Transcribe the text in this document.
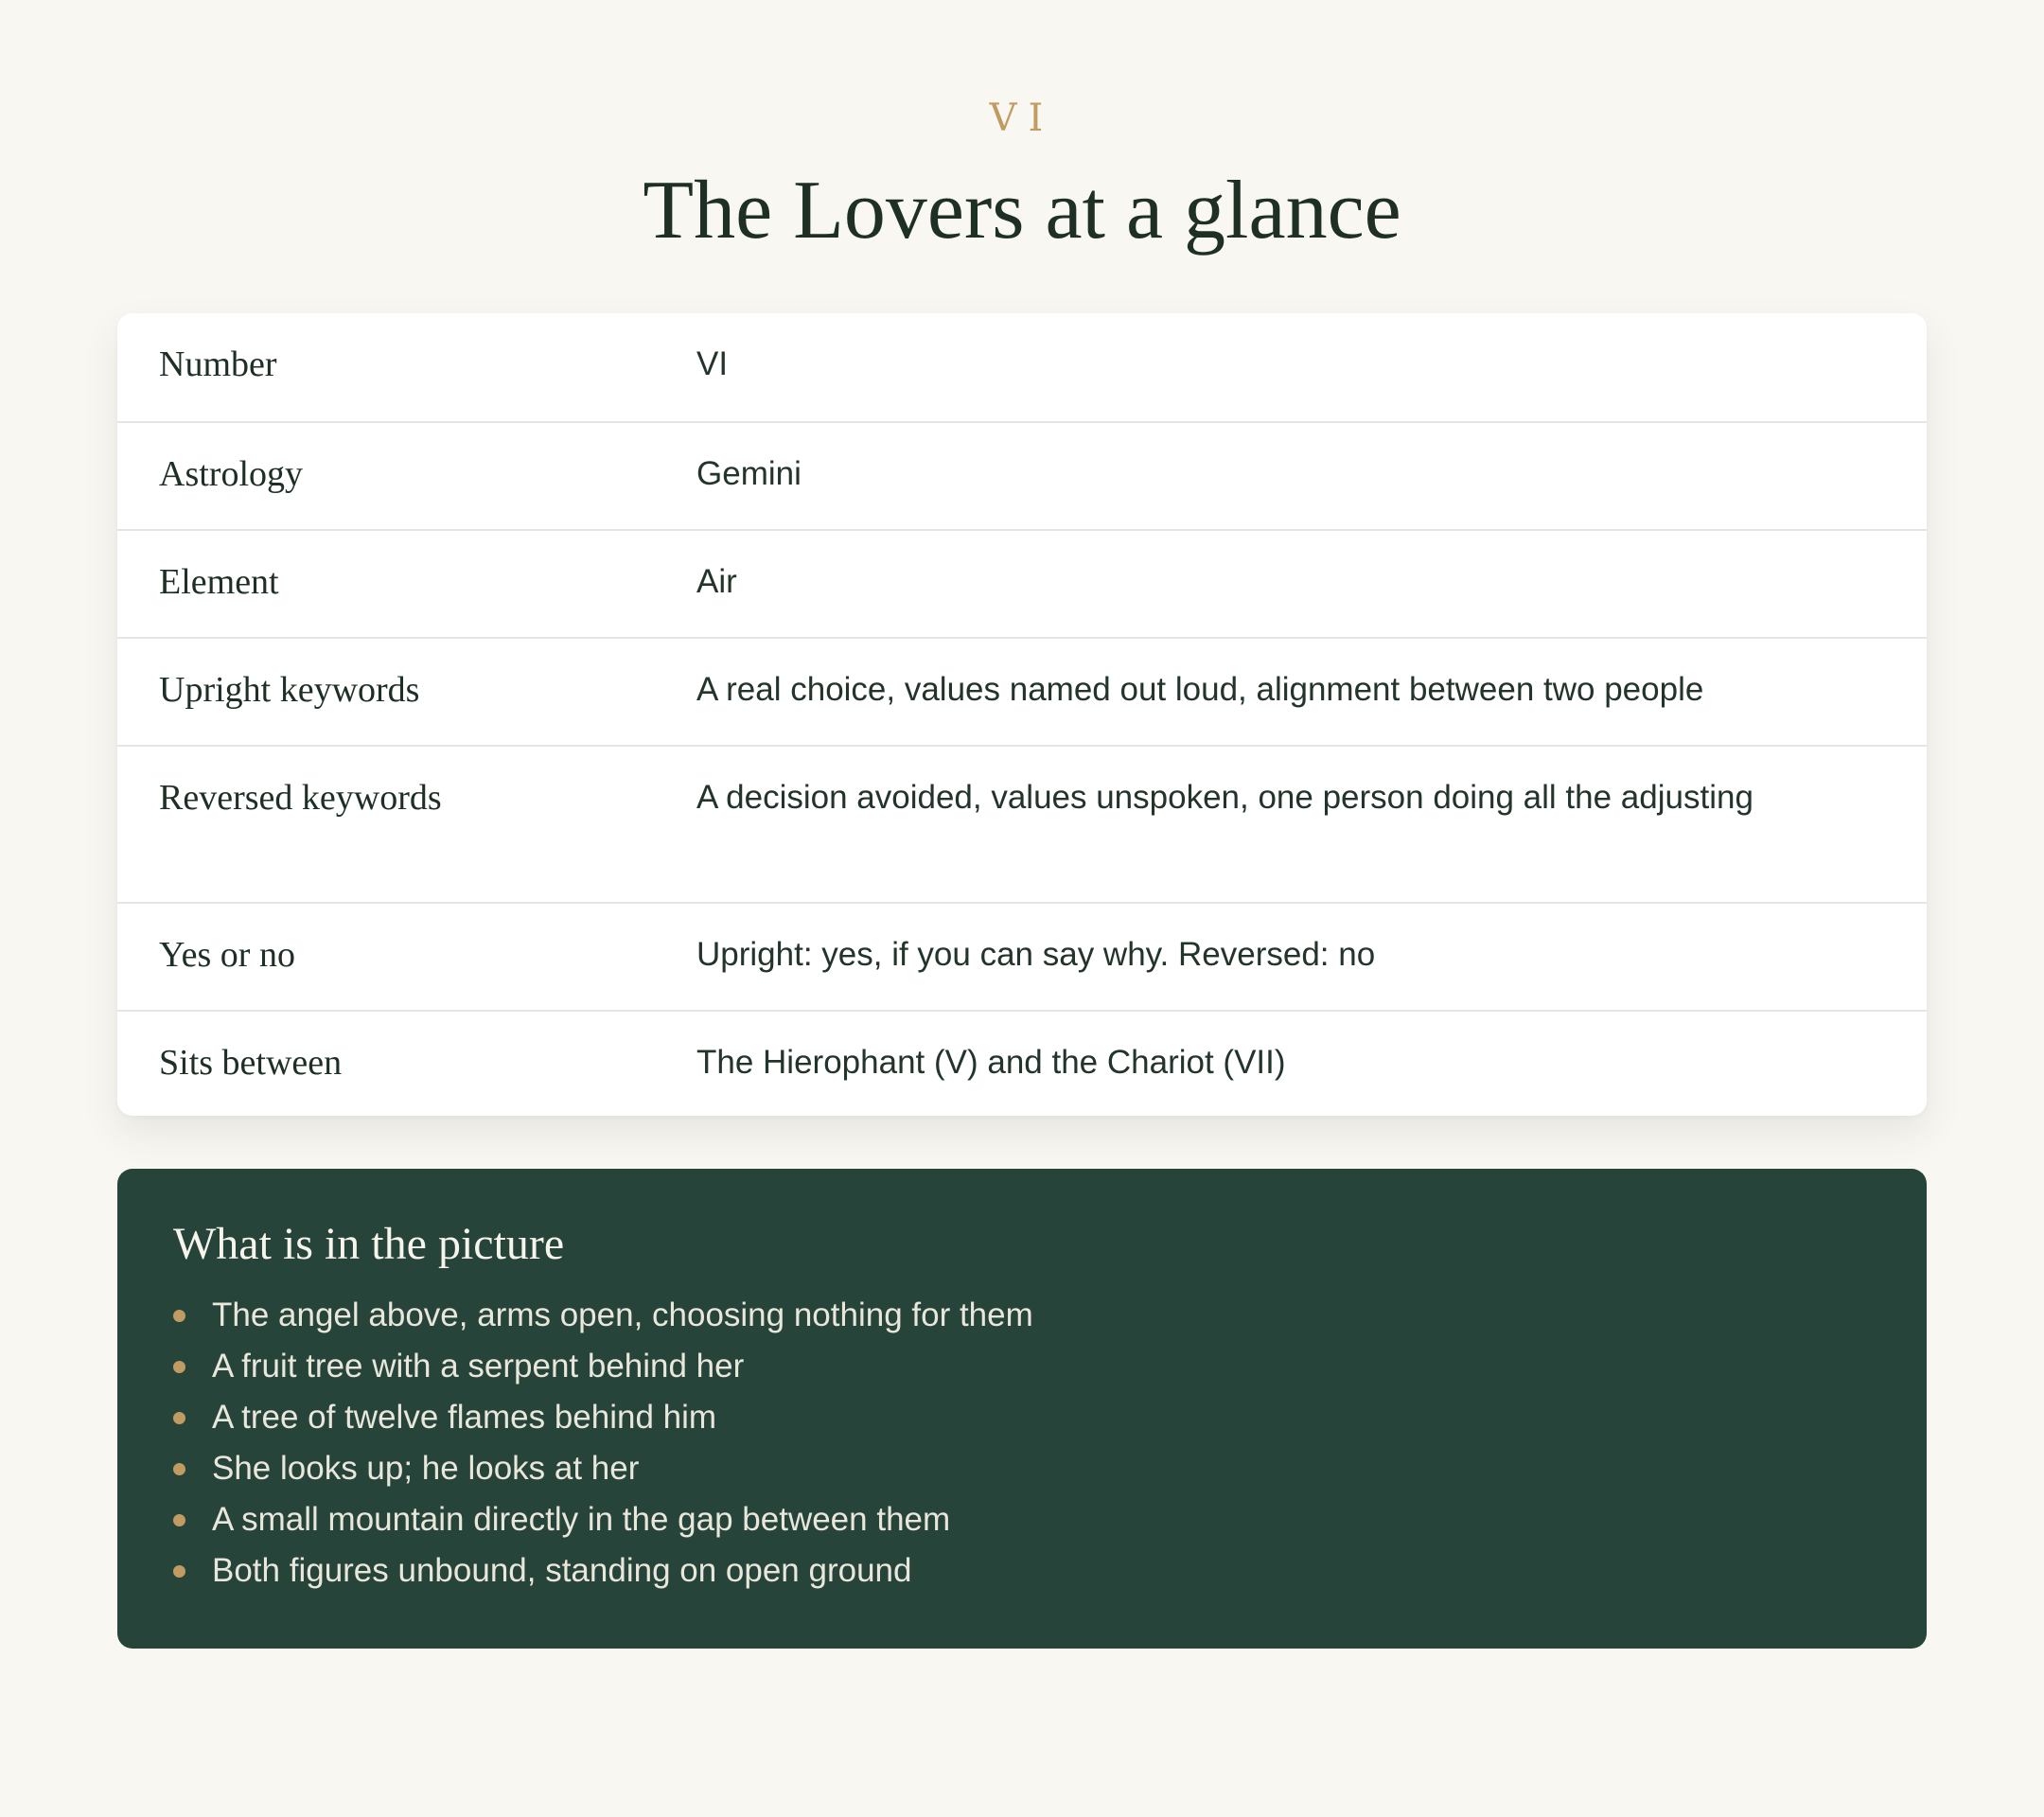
VI
The Lovers at a glance
Number	VI
Astrology	Gemini
Element	Air
Upright keywords	A real choice, values named out loud, alignment between two people
Reversed keywords	A decision avoided, values unspoken, one person doing all the adjusting
Yes or no	Upright: yes, if you can say why. Reversed: no
Sits between	The Hierophant (V) and the Chariot (VII)
What is in the picture
The angel above, arms open, choosing nothing for them
A fruit tree with a serpent behind her
A tree of twelve flames behind him
She looks up; he looks at her
A small mountain directly in the gap between them
Both figures unbound, standing on open ground
